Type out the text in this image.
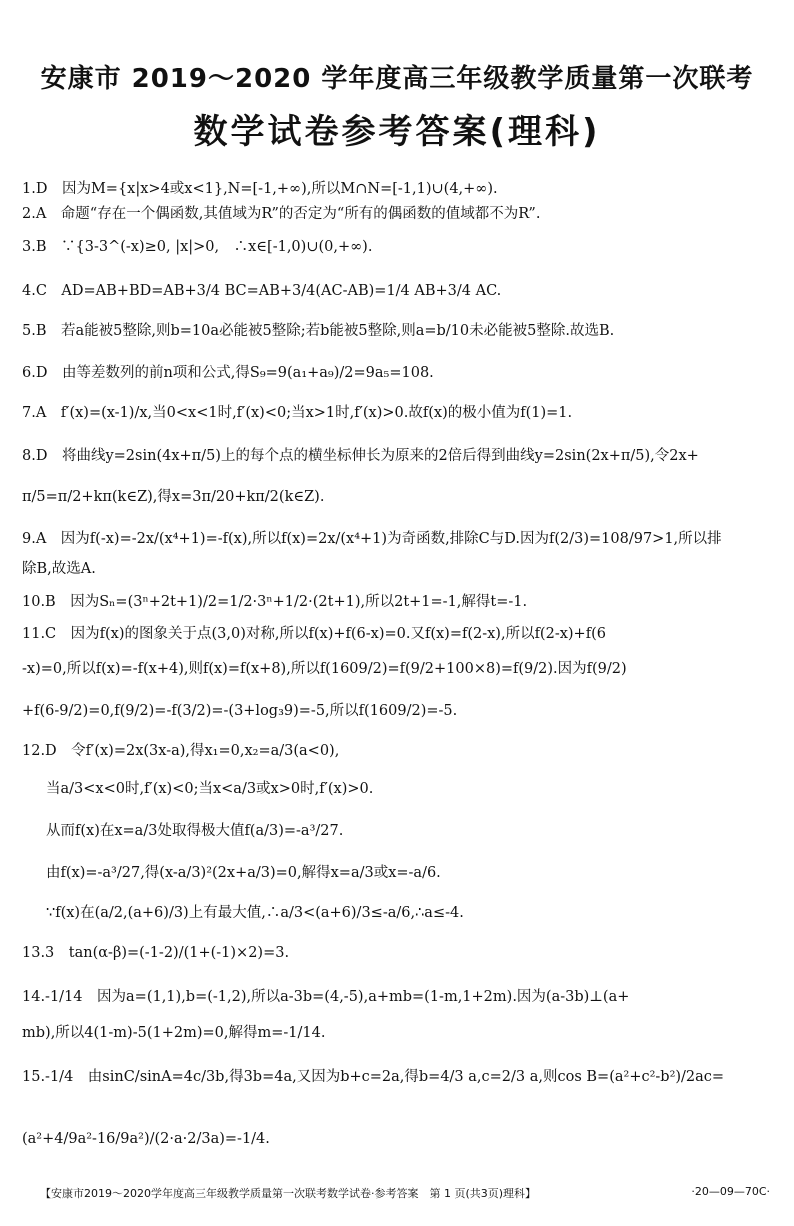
安康市 2019～2020 学年度高三年级教学质量第一次联考
数学试卷参考答案(理科)
1.D　因为M={x|x>4或x<1},N=[-1,+∞),所以M∩N=[-1,1)∪(4,+∞).
2.A　命题“存在一个偶函数,其值域为R”的否定为“所有的偶函数的值域都不为R”.
3.B　∵{3-3^(-x)≥0, |x|>0,　∴x∈[-1,0)∪(0,+∞).
4.C　AD=AB+BD=AB+3/4 BC=AB+3/4(AC-AB)=1/4 AB+3/4 AC.
5.B　若a能被5整除,则b=10a必能被5整除;若b能被5整除,则a=b/10未必能被5整除.故选B.
6.D　由等差数列的前n项和公式,得S₉=9(a₁+a₉)/2=9a₅=108.
7.A　f′(x)=(x-1)/x,当0<x<1时,f′(x)<0;当x>1时,f′(x)>0.故f(x)的极小值为f(1)=1.
8.D　将曲线y=2sin(4x+π/5)上的每个点的横坐标伸长为原来的2倍后得到曲线y=2sin(2x+π/5),令2x+
π/5=π/2+kπ(k∈Z),得x=3π/20+kπ/2(k∈Z).
9.A　因为f(-x)=-2x/(x⁴+1)=-f(x),所以f(x)=2x/(x⁴+1)为奇函数,排除C与D.因为f(2/3)=108/97>1,所以排
除B,故选A.
10.B　因为Sₙ=(3ⁿ+2t+1)/2=1/2·3ⁿ+1/2·(2t+1),所以2t+1=-1,解得t=-1.
11.C　因为f(x)的图象关于点(3,0)对称,所以f(x)+f(6-x)=0.又f(x)=f(2-x),所以f(2-x)+f(6
-x)=0,所以f(x)=-f(x+4),则f(x)=f(x+8),所以f(1609/2)=f(9/2+100×8)=f(9/2).因为f(9/2)
+f(6-9/2)=0,f(9/2)=-f(3/2)=-(3+log₃9)=-5,所以f(1609/2)=-5.
12.D　令f′(x)=2x(3x-a),得x₁=0,x₂=a/3(a<0),
当a/3<x<0时,f′(x)<0;当x<a/3或x>0时,f′(x)>0.
从而f(x)在x=a/3处取得极大值f(a/3)=-a³/27.
由f(x)=-a³/27,得(x-a/3)²(2x+a/3)=0,解得x=a/3或x=-a/6.
∵f(x)在(a/2,(a+6)/3)上有最大值,∴a/3<(a+6)/3≤-a/6,∴a≤-4.
13.3　tan(α-β)=(-1-2)/(1+(-1)×2)=3.
14.-1/14　因为a=(1,1),b=(-1,2),所以a-3b=(4,-5),a+mb=(1-m,1+2m).因为(a-3b)⊥(a+
mb),所以4(1-m)-5(1+2m)=0,解得m=-1/14.
15.-1/4　由sinC/sinA=4c/3b,得3b=4a,又因为b+c=2a,得b=4/3 a,c=2/3 a,则cos B=(a²+c²-b²)/2ac=
(a²+4/9a²-16/9a²)/(2·a·2/3a)=-1/4.
【安康市2019～2020学年度高三年级教学质量第一次联考数学试卷·参考答案　第 1 页(共3页)理科】	·20—09—70C·
